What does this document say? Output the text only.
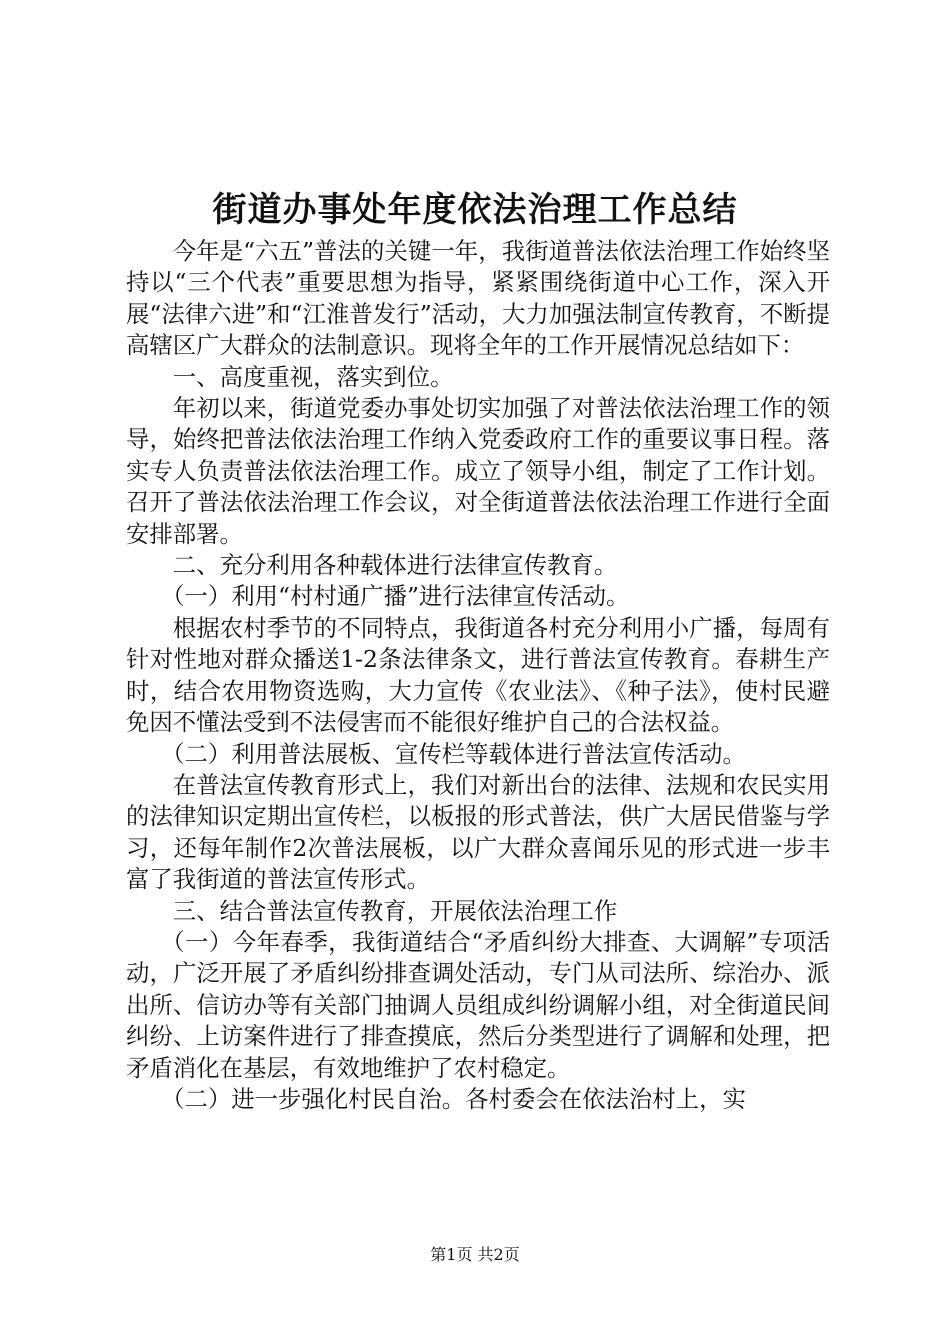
街道办事处年度依法治理工作总结

今年是“六五”普法的关键一年，我街道普法依法治理工作始终坚持以“三个代表”重要思想为指导，紧紧围绕街道中心工作，深入开展“法律六进”和“江淮普发行”活动，大力加强法制宣传教育，不断提高辖区广大群众的法制意识。现将全年的工作开展情况总结如下：

一、高度重视，落实到位。

年初以来，街道党委办事处切实加强了对普法依法治理工作的领导，始终把普法依法治理工作纳入党委政府工作的重要议事日程。落实专人负责普法依法治理工作。成立了领导小组，制定了工作计划。召开了普法依法治理工作会议，对全街道普法依法治理工作进行全面安排部署。

二、充分利用各种载体进行法律宣传教育。

（一）利用“村村通广播”进行法律宣传活动。

根据农村季节的不同特点，我街道各村充分利用小广播，每周有针对性地对群众播送1-2条法律条文，进行普法宣传教育。春耕生产时，结合农用物资选购，大力宣传《农业法》、《种子法》，使村民避免因不懂法受到不法侵害而不能很好维护自己的合法权益。

（二）利用普法展板、宣传栏等载体进行普法宣传活动。

在普法宣传教育形式上，我们对新出台的法律、法规和农民实用的法律知识定期出宣传栏，以板报的形式普法，供广大居民借鉴与学习，还每年制作2次普法展板，以广大群众喜闻乐见的形式进一步丰富了我街道的普法宣传形式。

三、结合普法宣传教育，开展依法治理工作

（一）今年春季，我街道结合“矛盾纠纷大排查、大调解”专项活动，广泛开展了矛盾纠纷排查调处活动，专门从司法所、综治办、派出所、信访办等有关部门抽调人员组成纠纷调解小组，对全街道民间纠纷、上访案件进行了排查摸底，然后分类型进行了调解和处理，把矛盾消化在基层，有效地维护了农村稳定。

（二）进一步强化村民自治。各村委会在依法治村上，实

第1页 共2页
